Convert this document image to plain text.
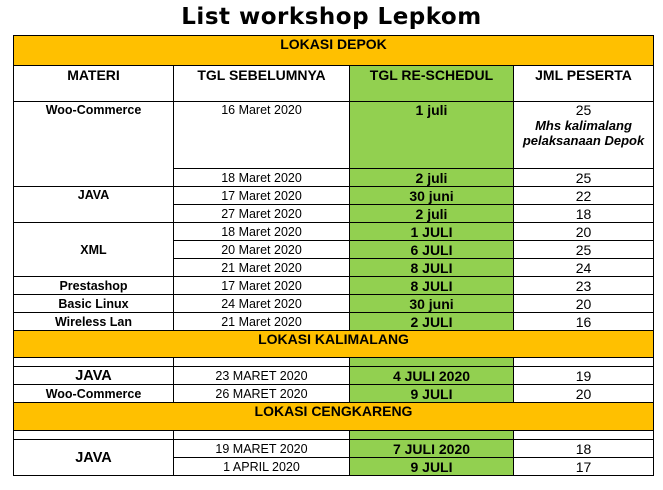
List workshop Lepkom
LOKASI DEPOK			
MATERI	TGL SEBELUMNYA	TGL RE-SCHEDUL	JML PESERTA
Woo-Commerce	16 Maret 2020	1 juli	25
Mhs kalimalang pelaksanaan Depok

	18 Maret 2020	2 juli	25
JAVA	17 Maret 2020	30 juni	22
	27 Maret 2020	2 juli	18
XML	18 Maret 2020	1 JULI	20
	20 Maret 2020	6 JULI	25
	21 Maret 2020	8 JULI	24
Prestashop	17 Maret 2020	8 JULI	23
Basic Linux	24 Maret 2020	30 juni	20
Wireless Lan	21 Maret 2020	2 JULI	16
LOKASI KALIMALANG			

JAVA	23 MARET 2020	4 JULI 2020	19
Woo-Commerce	26 MARET 2020	9 JULI	20
LOKASI CENGKARENG			

JAVA	19 MARET 2020	7 JULI 2020	18
	1 APRIL 2020	9 JULI	17
